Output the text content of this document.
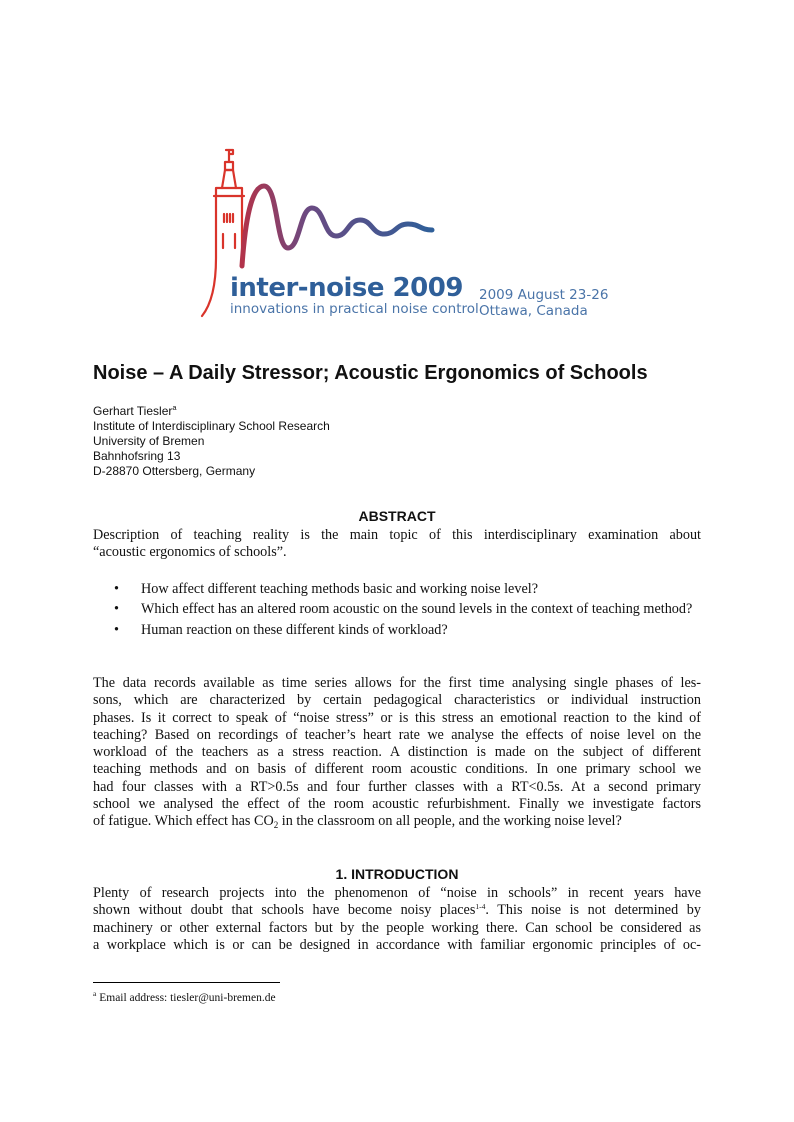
inter-noise 2009
innovations in practical noise control
2009 August 23-26
Ottawa, Canada
Noise – A Daily Stressor; Acoustic Ergonomics of Schools
Gerhart Tiesler$^a$
Institute of Interdisciplinary School Research
University of Bremen
Bahnhofsring 13
D-28870 Ottersberg, Germany
ABSTRACT
Description of teaching reality is the main topic of this interdisciplinary examination about
“acoustic ergonomics of schools”.
• How affect different teaching methods basic and working noise level?
• Which effect has an altered room acoustic on the sound levels in the context of teaching method?
• Human reaction on these different kinds of workload?
The data records available as time series allows for the first time analysing single phases of les-
sons, which are characterized by certain pedagogical characteristics or individual instruction
phases. Is it correct to speak of “noise stress” or is this stress an emotional reaction to the kind of
teaching? Based on recordings of teacher’s heart rate we analyse the effects of noise level on the
workload of the teachers as a stress reaction. A distinction is made on the subject of different
teaching methods and on basis of different room acoustic conditions. In one primary school we
had four classes with a RT>0.5s and four further classes with a RT<0.5s. At a second primary
school we analysed the effect of the room acoustic refurbishment. Finally we investigate factors
of fatigue. Which effect has $CO_2$ in the classroom on all people, and the working noise level?
1. INTRODUCTION
Plenty of research projects into the phenomenon of “noise in schools” in recent years have
shown without doubt that schools have become noisy places$^{1-4}$. This noise is not determined by
machinery or other external factors but by the people working there. Can school be considered as
a workplace which is or can be designed in accordance with familiar ergonomic principles of oc-
$^a$ Email address: tiesler@uni-bremen.de
